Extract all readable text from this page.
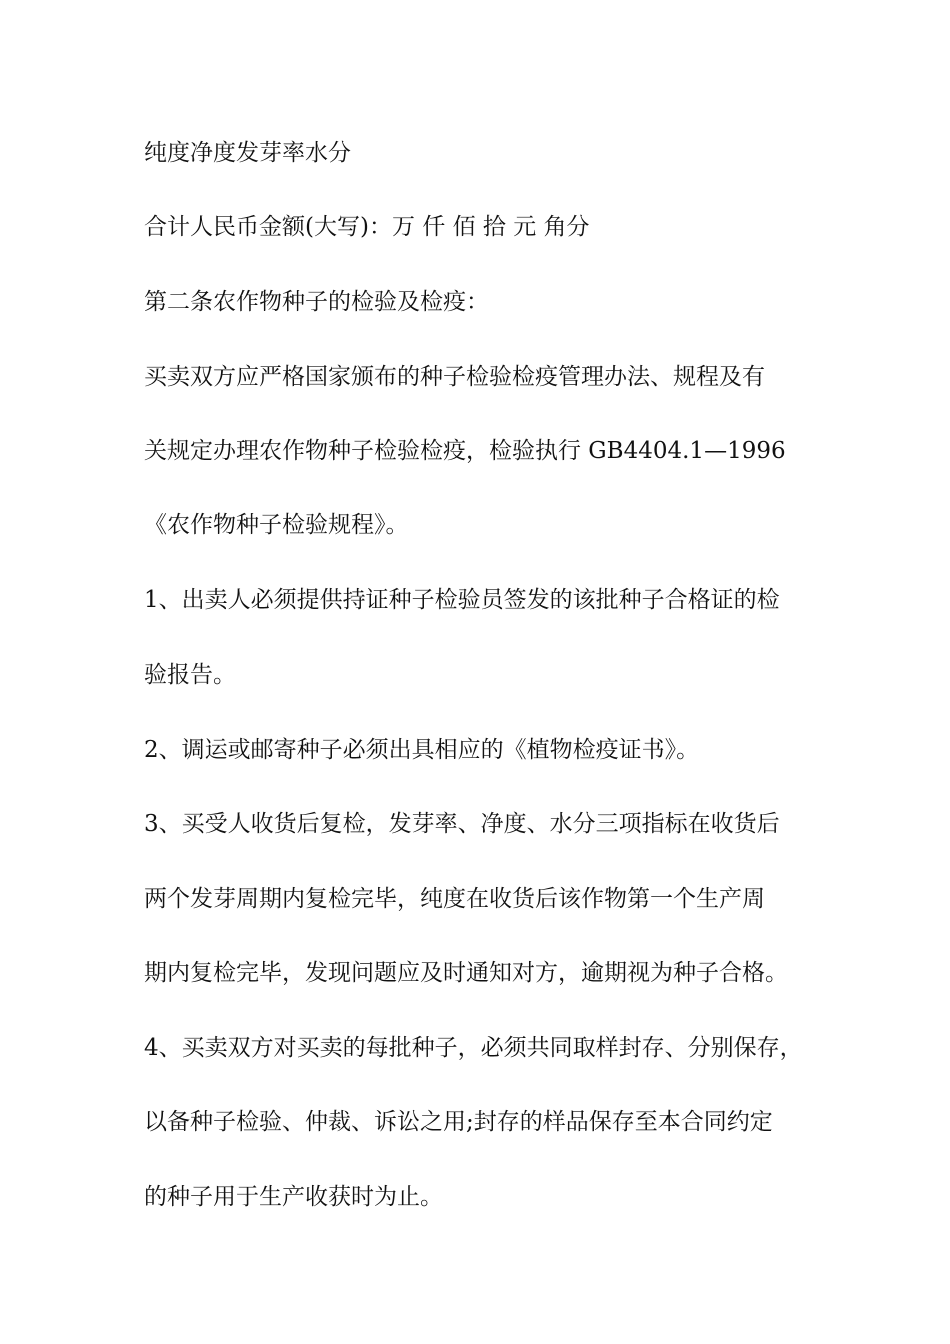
纯度净度发芽率水分
合计人民币金额(大写)：万 仟 佰 拾 元 角分
第二条农作物种子的检验及检疫：
买卖双方应严格国家颁布的种子检验检疫管理办法、规程及有
关规定办理农作物种子检验检疫，检验执行 GB4404.1—1996
《农作物种子检验规程》。
1、出卖人必须提供持证种子检验员签发的该批种子合格证的检
验报告。
2、调运或邮寄种子必须出具相应的《植物检疫证书》。
3、买受人收货后复检，发芽率、净度、水分三项指标在收货后
两个发芽周期内复检完毕，纯度在收货后该作物第一个生产周
期内复检完毕，发现问题应及时通知对方，逾期视为种子合格。
4、买卖双方对买卖的每批种子，必须共同取样封存、分别保存，
以备种子检验、仲裁、诉讼之用;封存的样品保存至本合同约定
的种子用于生产收获时为止。
